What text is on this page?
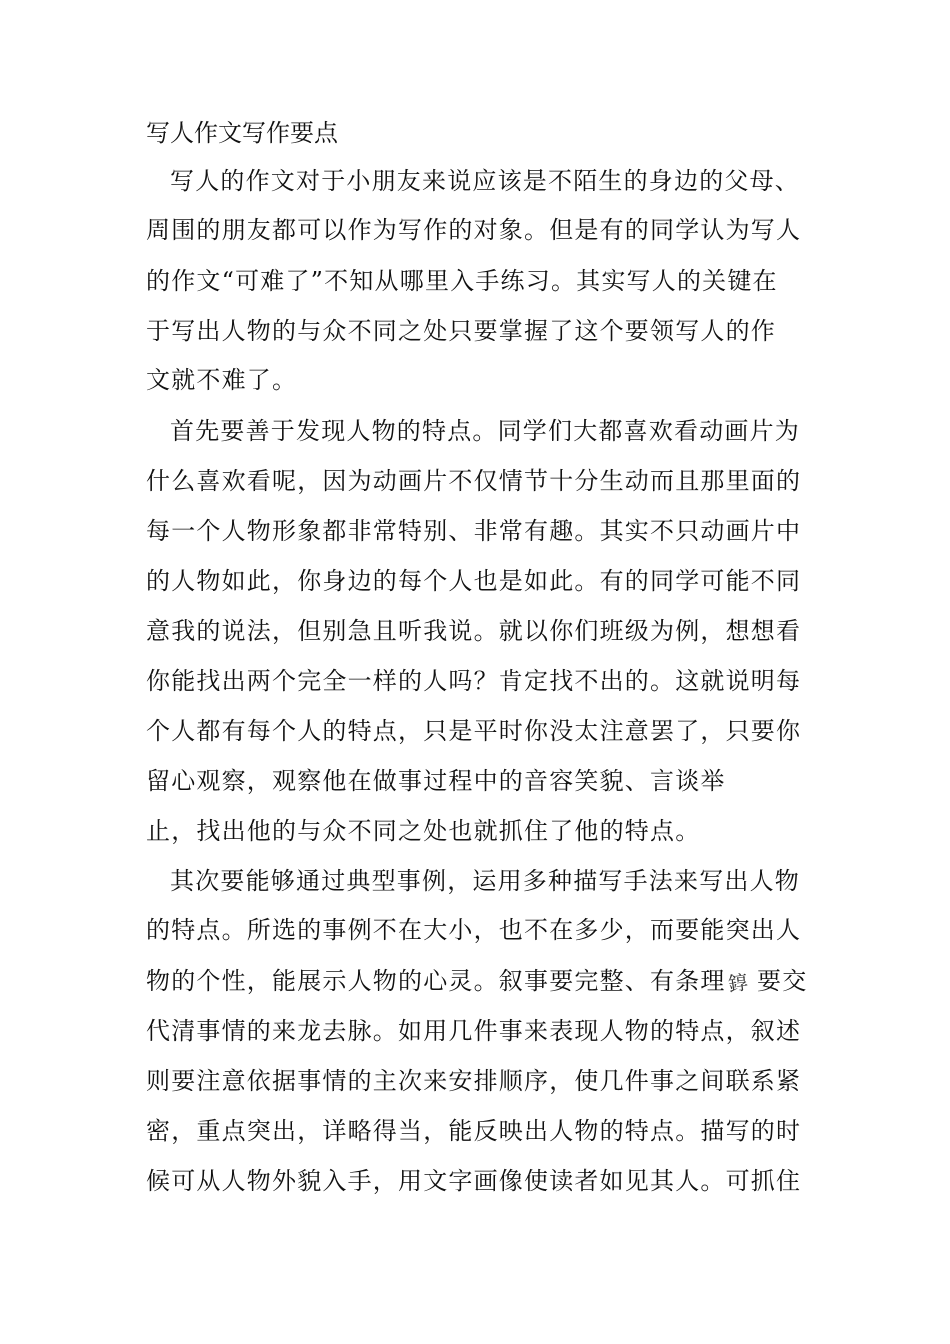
写人作文写作要点
写人的作文对于小朋友来说应该是不陌生的身边的父母、
周围的朋友都可以作为写作的对象。但是有的同学认为写人
的作文“可难了”不知从哪里入手练习。其实写人的关键在
于写出人物的与众不同之处只要掌握了这个要领写人的作
文就不难了。
首先要善于发现人物的特点。同学们大都喜欢看动画片为
什么喜欢看呢，因为动画片不仅情节十分生动而且那里面的
每一个人物形象都非常特别、非常有趣。其实不只动画片中
的人物如此，你身边的每个人也是如此。有的同学可能不同
意我的说法，但别急且听我说。就以你们班级为例，想想看
你能找出两个完全一样的人吗？肯定找不出的。这就说明每
个人都有每个人的特点，只是平时你没太注意罢了，只要你
留心观察，观察他在做事过程中的音容笑貌、言谈举
止，找出他的与众不同之处也就抓住了他的特点。
其次要能够通过典型事例，运用多种描写手法来写出人物
的特点。所选的事例不在大小，也不在多少，而要能突出人
物的个性，能展示人物的心灵。叙事要完整、有条理 要交
錞
代清事情的来龙去脉。如用几件事来表现人物的特点，叙述
则要注意依据事情的主次来安排顺序，使几件事之间联系紧
密，重点突出，详略得当，能反映出人物的特点。描写的时
候可从人物外貌入手，用文字画像使读者如见其人。可抓住
